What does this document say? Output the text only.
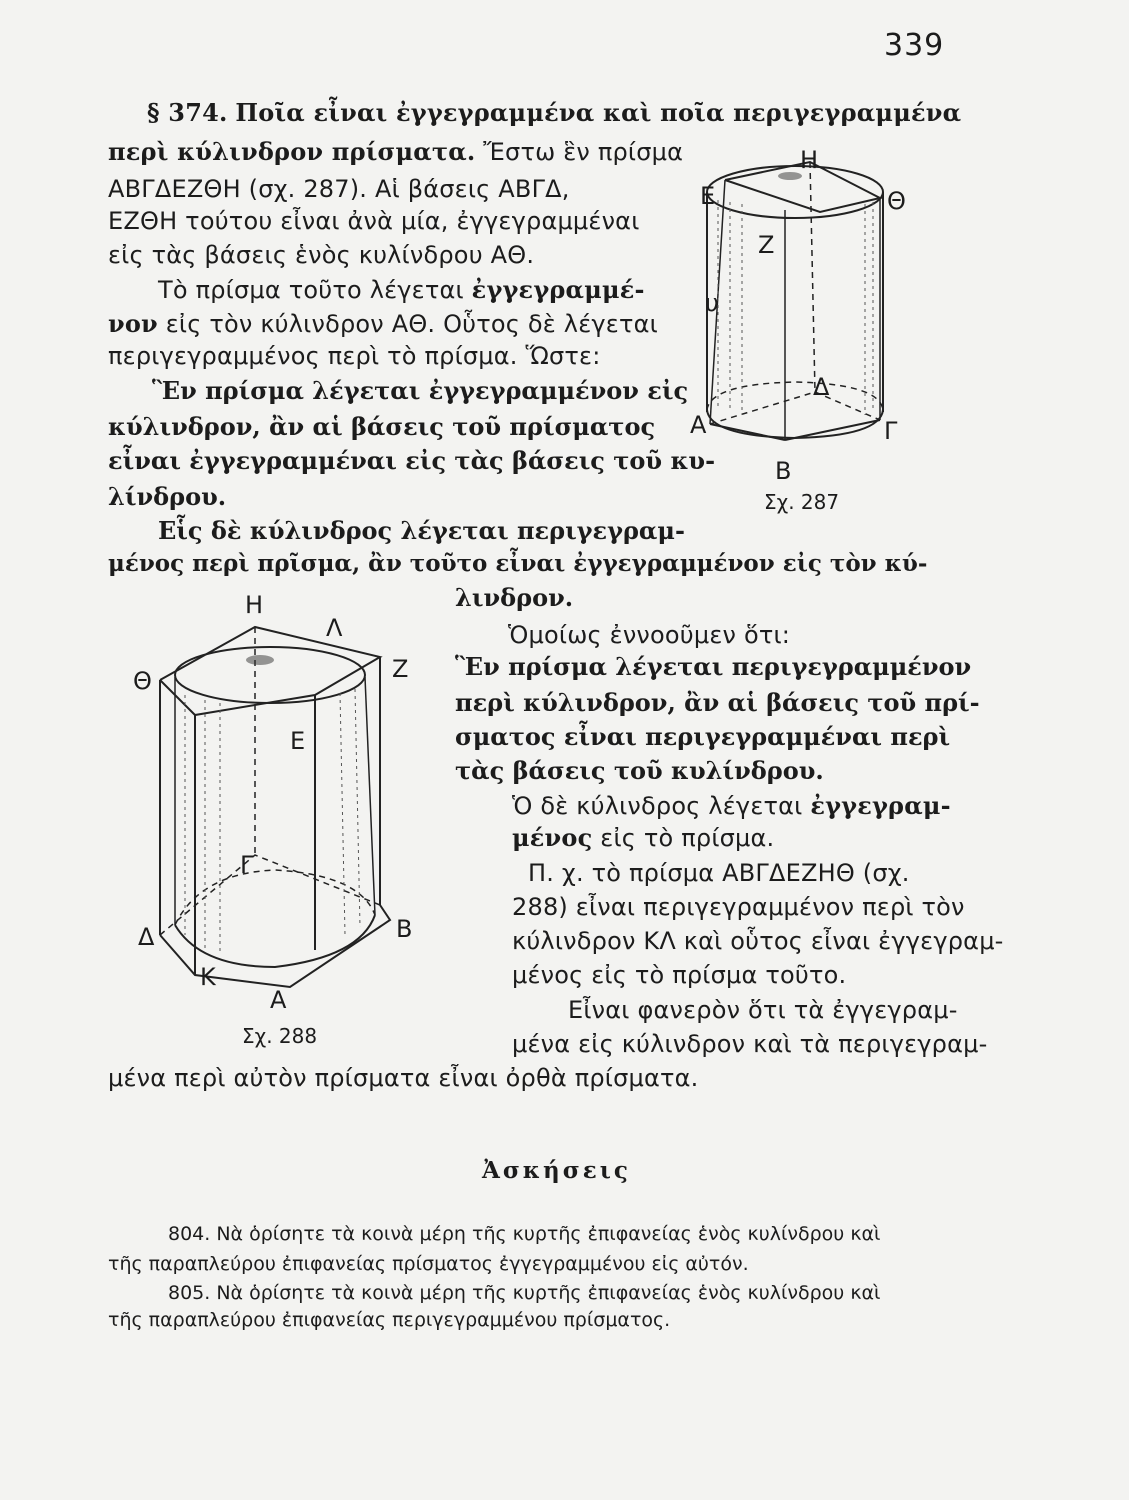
339
§ 374. Ποῖα εἶναι ἐγγεγραμμένα καὶ ποῖα περιγεγραμμένα
περὶ κύλινδρον πρίσματα. Ἔστω ἓν πρίσμα
ΑΒΓΔΕΖΘΗ (σχ. 287). Αἱ βάσεις ΑΒΓΔ,
ΕΖΘΗ τούτου εἶναι ἀνὰ μία, ἐγγεγραμμέναι
εἰς τὰς βάσεις ἑνὸς κυλίνδρου ΑΘ.
Τὸ πρίσμα τοῦτο λέγεται ἐγγεγραμμέ-
νον εἰς τὸν κύλινδρον ΑΘ. Οὗτος δὲ λέγεται
περιγεγραμμένος περὶ τὸ πρίσμα. Ὥστε:
Ἓν πρίσμα λέγεται ἐγγεγραμμένον εἰς
κύλινδρον, ἂν αἱ βάσεις τοῦ πρίσματος
εἶναι ἐγγεγραμμέναι εἰς τὰς βάσεις τοῦ κυ-
λίνδρου.
Εἷς δὲ κύλινδρος λέγεται περιγεγραμ-
μένος περὶ πρῖσμα, ἂν τοῦτο εἶναι ἐγγεγραμμένον εἰς τὸν κύ-
λινδρον.
Ὁμοίως ἐννοοῦμεν ὅτι:
Ἓν πρίσμα λέγεται περιγεγραμμένον
περὶ κύλινδρον, ἂν αἱ βάσεις τοῦ πρί-
σματος εἶναι περιγεγραμμέναι περὶ
τὰς βάσεις τοῦ κυλίνδρου.
Ὁ δὲ κύλινδρος λέγεται ἐγγεγραμ-
μένος εἰς τὸ πρίσμα.
Π. χ. τὸ πρίσμα ΑΒΓΔΕΖΗΘ (σχ.
288) εἶναι περιγεγραμμένον περὶ τὸν
κύλινδρον ΚΛ καὶ οὗτος εἶναι ἐγγεγραμ-
μένος εἰς τὸ πρίσμα τοῦτο.
Εἶναι φανερὸν ὅτι τὰ ἐγγεγραμ-
μένα εἰς κύλινδρον καὶ τὰ περιγεγραμ-
μένα περὶ αὐτὸν πρίσματα εἶναι ὀρθὰ πρίσματα.
Η
Ε	Θ
Ζ
υ
Δ
Α	Γ
Β
Σχ. 287
Η
Λ
Θ	Ζ
Ε
Γ
Δ	Β
Κ
Α
Σχ. 288
Ἀσκήσεις
804. Νὰ ὁρίσητε τὰ κοινὰ μέρη τῆς κυρτῆς ἐπιφανείας ἑνὸς κυλίνδρου καὶ
τῆς παραπλεύρου ἐπιφανείας πρίσματος ἐγγεγραμμένου εἰς αὐτόν.
805. Νὰ ὁρίσητε τὰ κοινὰ μέρη τῆς κυρτῆς ἐπιφανείας ἑνὸς κυλίνδρου καὶ
τῆς παραπλεύρου ἐπιφανείας περιγεγραμμένου πρίσματος.
